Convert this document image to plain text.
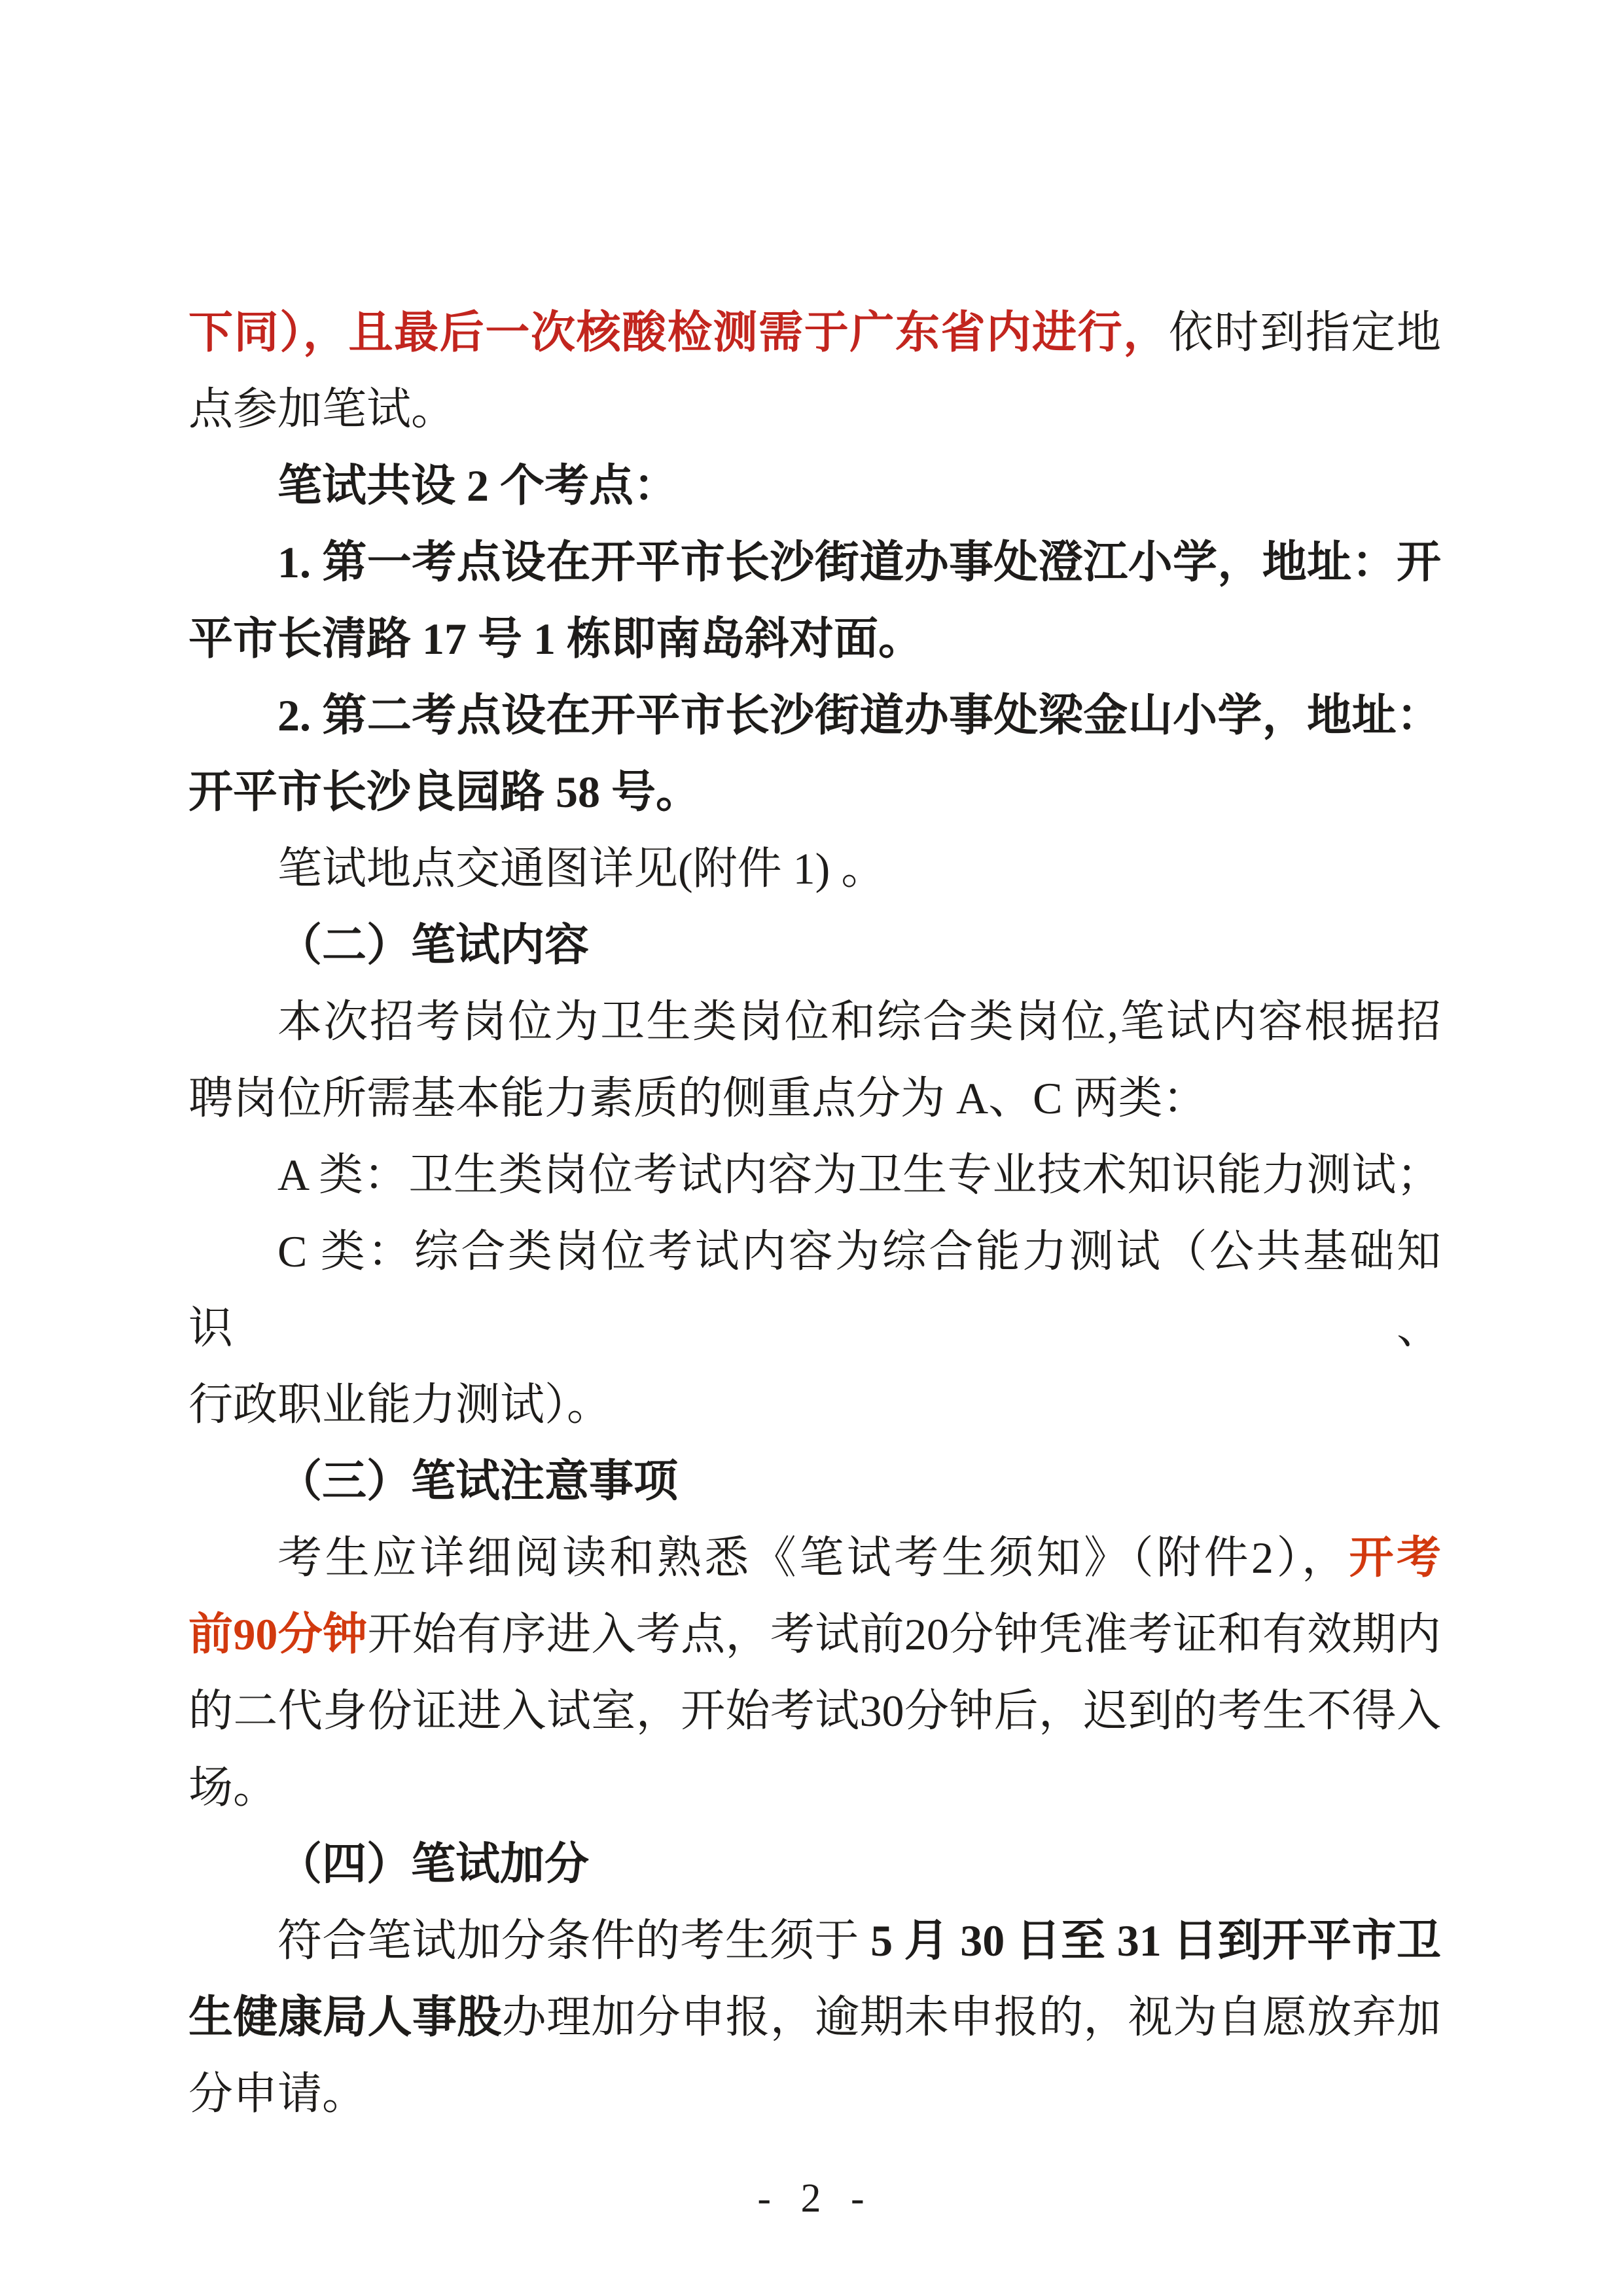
下同），且最后一次核酸检测需于广东省内进行，依时到指定地
点参加笔试。
笔试共设 2 个考点：
1. 第一考点设在开平市长沙街道办事处澄江小学，地址：开
平市长清路 17 号 1 栋即南岛斜对面。
2. 第二考点设在开平市长沙街道办事处梁金山小学，地址：
开平市长沙良园路 58 号。
笔试地点交通图详见(附件 1) 。
（二）笔试内容
本次招考岗位为卫生类岗位和综合类岗位,笔试内容根据招
聘岗位所需基本能力素质的侧重点分为 A、C 两类：
A 类：卫生类岗位考试内容为卫生专业技术知识能力测试；
C 类：综合类岗位考试内容为综合能力测试（公共基础知识、
行政职业能力测试）。
（三）笔试注意事项
考生应详细阅读和熟悉《笔试考生须知》（附件2），开考
前90分钟开始有序进入考点，考试前20分钟凭准考证和有效期内
的二代身份证进入试室，开始考试30分钟后，迟到的考生不得入
场。
（四）笔试加分
符合笔试加分条件的考生须于 5 月 30 日至 31 日到开平市卫
生健康局人事股办理加分申报，逾期未申报的，视为自愿放弃加
分申请。
- 2 -
